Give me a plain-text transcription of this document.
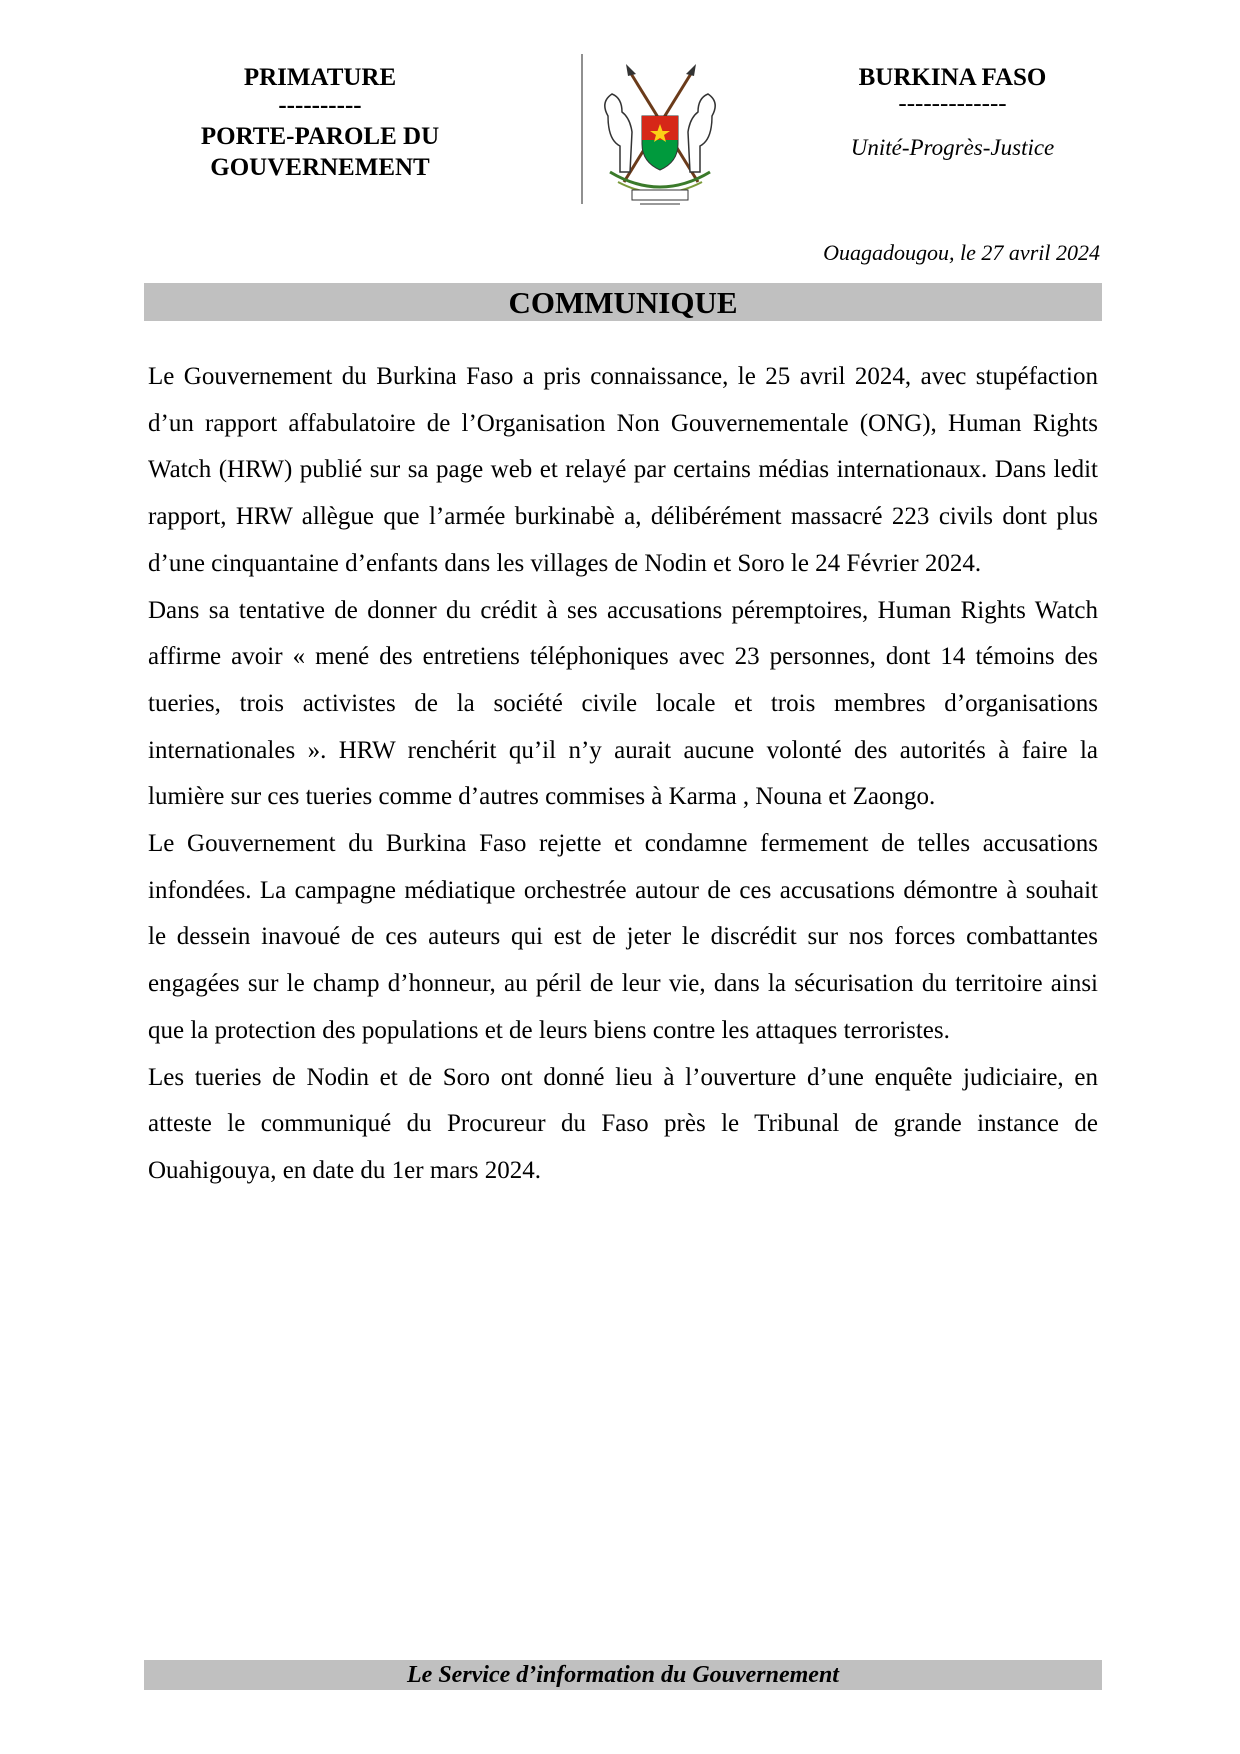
PRIMATURE
----------
PORTE-PAROLE DU
GOUVERNEMENT
BURKINA FASO
-------------
Unité-Progrès-Justice
Ouagadougou, le 27 avril 2024
COMMUNIQUE

Le Gouvernement du Burkina Faso a pris connaissance, le 25 avril 2024, avec stupéfaction d’un rapport affabulatoire de l’Organisation Non Gouvernementale (ONG), Human Rights Watch (HRW) publié sur sa page web et relayé par certains médias internationaux. Dans ledit rapport, HRW allègue que l’armée burkinabè a, délibérément massacré 223 civils dont plus d’une cinquantaine d’enfants dans les villages de Nodin et Soro le 24 Février 2024.

Dans sa tentative de donner du crédit à ses accusations péremptoires, Human Rights Watch affirme avoir « mené des entretiens téléphoniques avec 23 personnes, dont 14 témoins des tueries, trois activistes de la société civile locale et trois membres d’organisations internationales ». HRW renchérit qu’il n’y aurait aucune volonté des autorités à faire la lumière sur ces tueries comme d’autres commises à Karma , Nouna et Zaongo.

Le Gouvernement du Burkina Faso rejette et condamne fermement de telles accusations infondées. La campagne médiatique orchestrée autour de ces accusations démontre à souhait le dessein inavoué de ces auteurs qui est de jeter le discrédit sur nos forces combattantes engagées sur le champ d’honneur, au péril de leur vie, dans la sécurisation du territoire ainsi que la protection des populations et de leurs biens contre les attaques terroristes.

Les tueries de Nodin et de Soro ont donné lieu à l’ouverture d’une enquête judiciaire, en atteste le communiqué du Procureur du Faso près le Tribunal de grande instance de Ouahigouya, en date du 1er mars 2024.

Le Service d’information du Gouvernement
